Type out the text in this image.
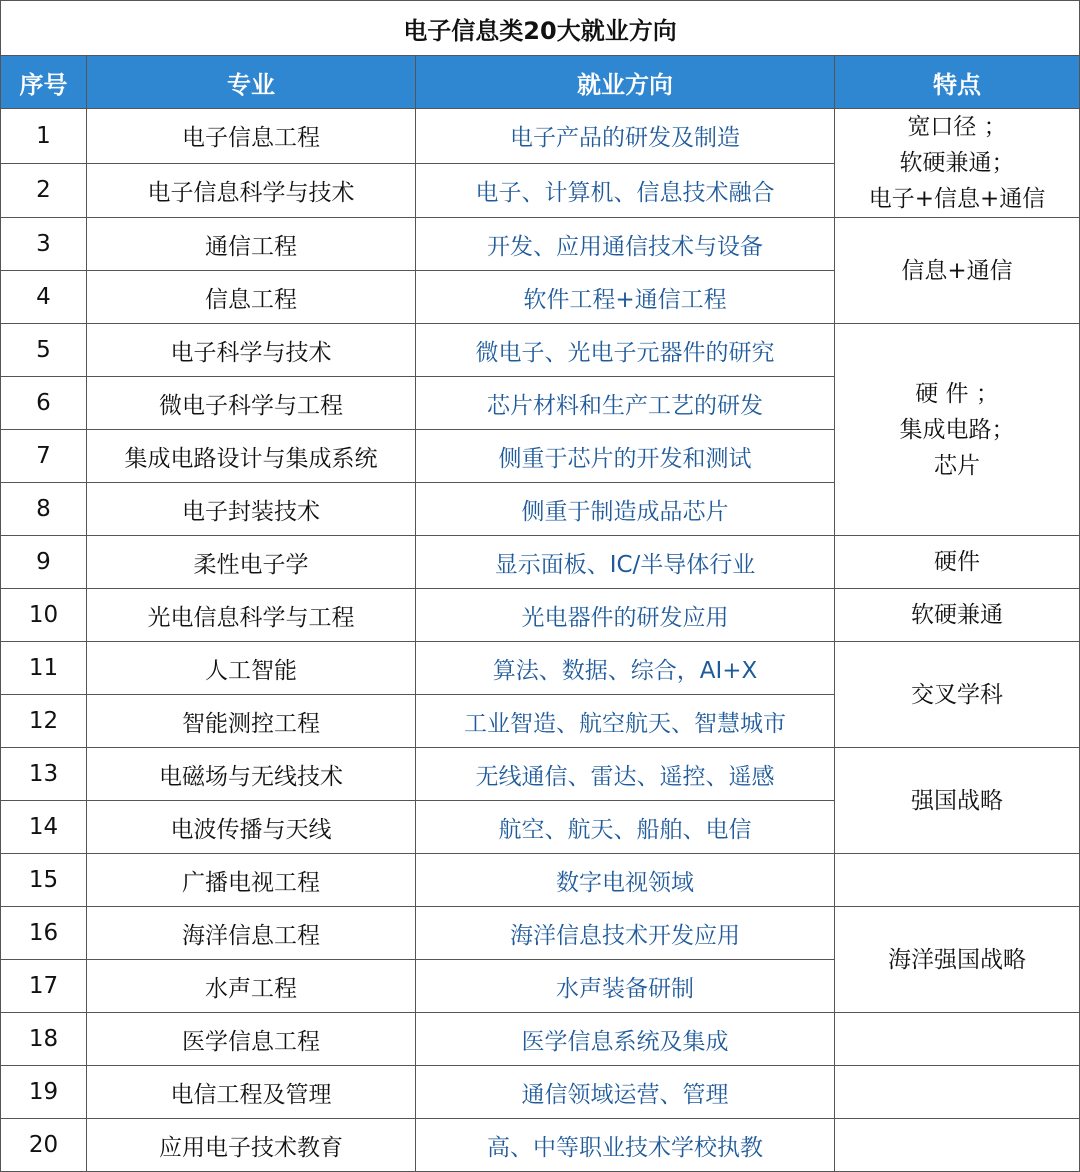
电子信息类20大就业方向			
序号	专业	就业方向	特点
1	电子信息工程	电子产品的研发及制造	宽口径 ；
软硬兼通；
电子+信息+通信

2	电子信息科学与技术	电子、计算机、信息技术融合	
3	通信工程	开发、应用通信技术与设备	信息+通信
4	信息工程	软件工程+通信工程	
5	电子科学与技术	微电子、光电子元器件的研究	硬 件 ；
集成电路；
芯片

6	微电子科学与工程	芯片材料和生产工艺的研发	
7	集成电路设计与集成系统	侧重于芯片的开发和测试	
8	电子封装技术	侧重于制造成品芯片	
9	柔性电子学	显示面板、IC/半导体行业	硬件
10	光电信息科学与工程	光电器件的研发应用	软硬兼通
11	人工智能	算法、数据、综合，AI+X	交叉学科
12	智能测控工程	工业智造、航空航天、智慧城市	
13	电磁场与无线技术	无线通信、雷达、遥控、遥感	强国战略
14	电波传播与天线	航空、航天、船舶、电信	
15	广播电视工程	数字电视领域	
16	海洋信息工程	海洋信息技术开发应用	海洋强国战略
17	水声工程	水声装备研制	
18	医学信息工程	医学信息系统及集成	
19	电信工程及管理	通信领域运营、管理	
20	应用电子技术教育	高、中等职业技术学校执教	
